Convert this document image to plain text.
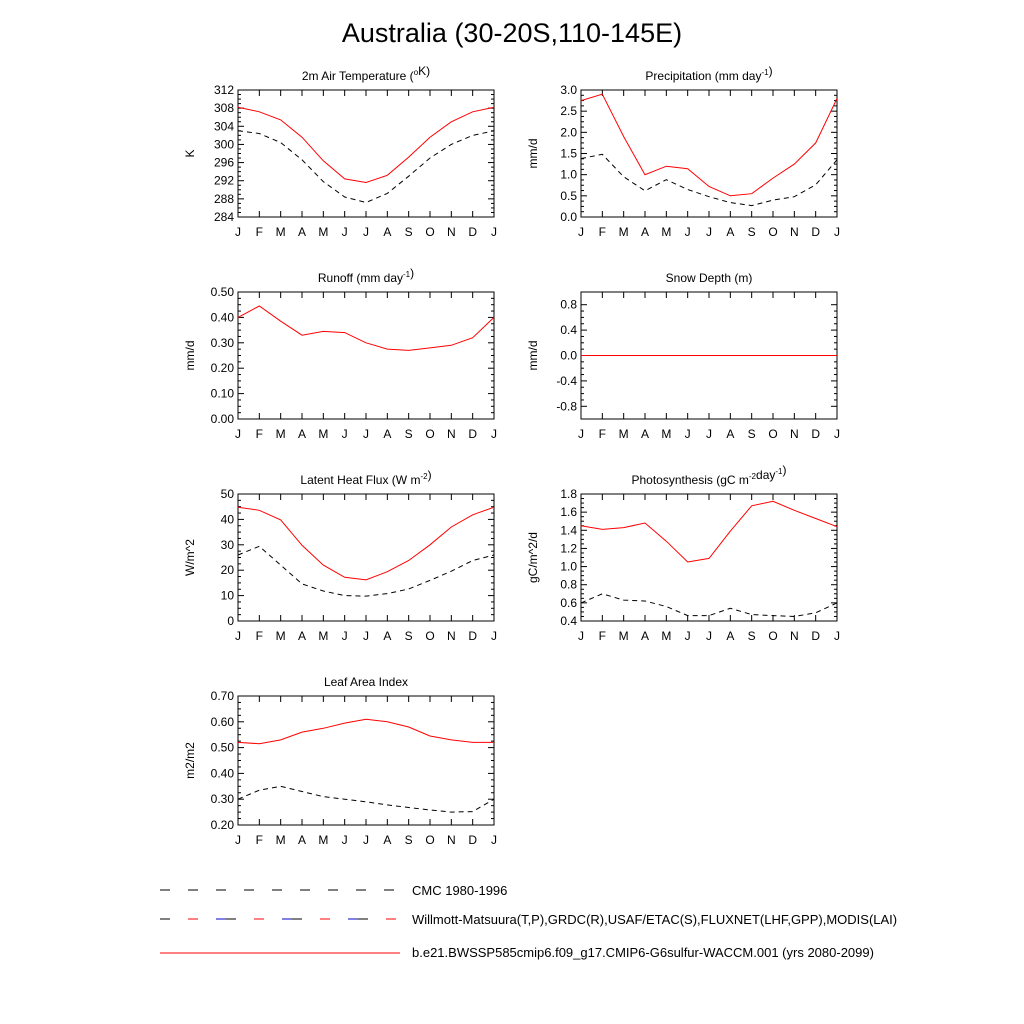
Australia (30-20S,110-145E)
2m Air Temperature ($^o$K)
284
288
292
296
300
304
308
312
J F M A M J J A S O N D J
K
Precipitation (mm day$^{-1}$)
0.0
0.5
1.0
1.5
2.0
2.5
3.0
J F M A M J J A S O N D J
mm/d
Runoff (mm day$^{-1}$)
0.00
0.10
0.20
0.30
0.40
0.50
J F M A M J J A S O N D J
mm/d
Snow Depth (m)
-0.8
-0.4
0.0
0.4
0.8
J F M A M J J A S O N D J
mm/d
Latent Heat Flux (W $m^{-2}$)
0
10
20
30
40
50
J F M A M J J A S O N D J
W/m^2
Photosynthesis (gC $m^{-2}day^{-1}$)
0.4
0.6
0.8
1.0
1.2
1.4
1.6
1.8
J F M A M J J A S O N D J
gC/m^2/d
Leaf Area Index
0.20
0.30
0.40
0.50
0.60
0.70
J F M A M J J A S O N D J
m2/m2
CMC 1980-1996
Willmott-Matsuura(T,P),GRDC(R),USAF/ETAC(S),FLUXNET(LHF,GPP),MODIS(LAI)
b.e21.BWSSP585cmip6.f09_g17.CMIP6-G6sulfur-WACCM.001 (yrs 2080-2099)
